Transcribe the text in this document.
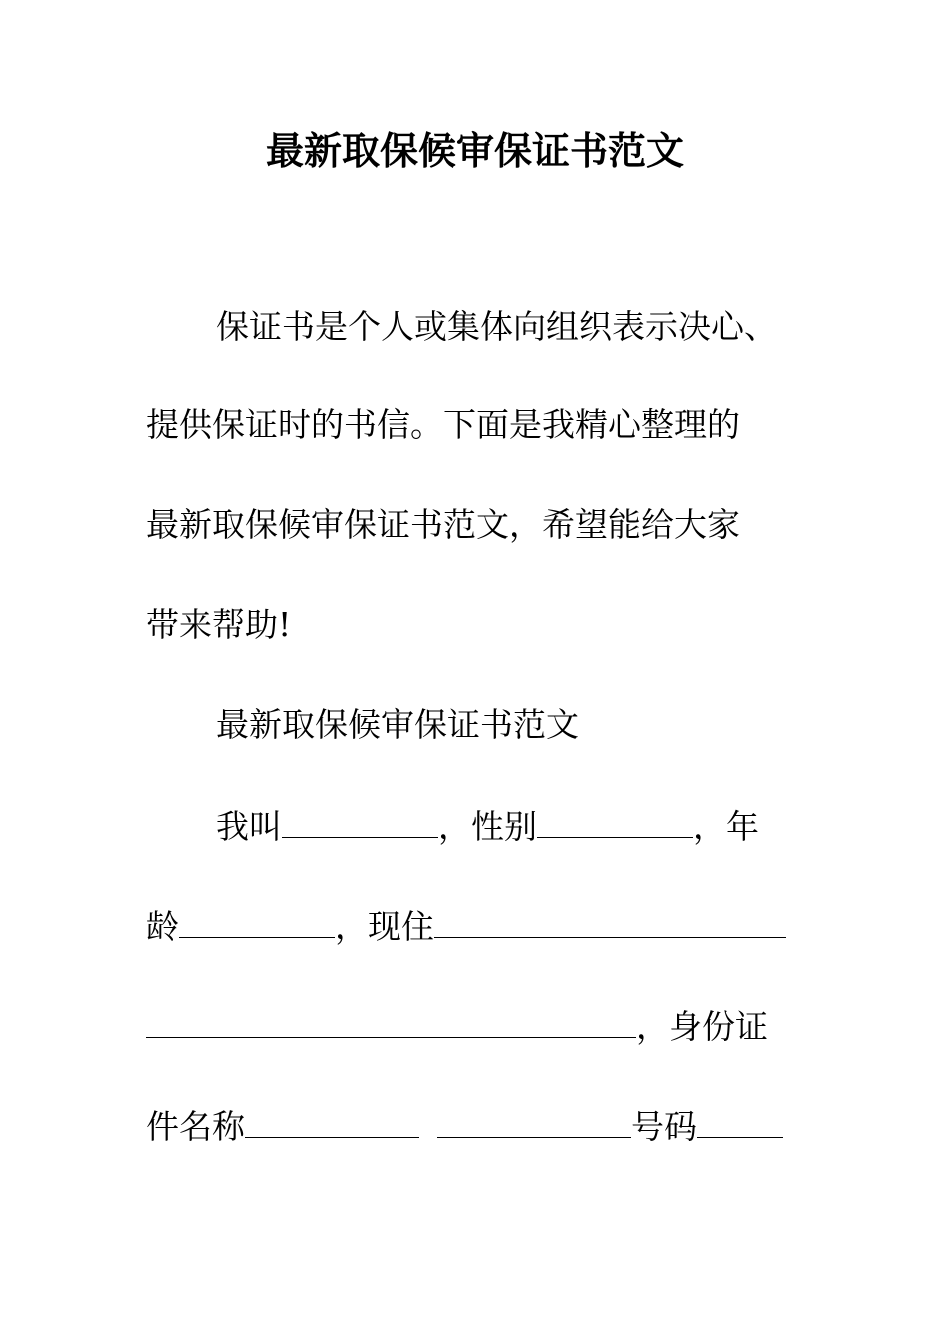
最新取保候审保证书范文
保证书是个人或集体向组织表示决心、
提供保证时的书信。下面是我精心整理的
最新取保候审保证书范文，希望能给大家
带来帮助!
最新取保候审保证书范文
我叫	，性别	，年
龄	，现住
，身份证
件名称	号码
